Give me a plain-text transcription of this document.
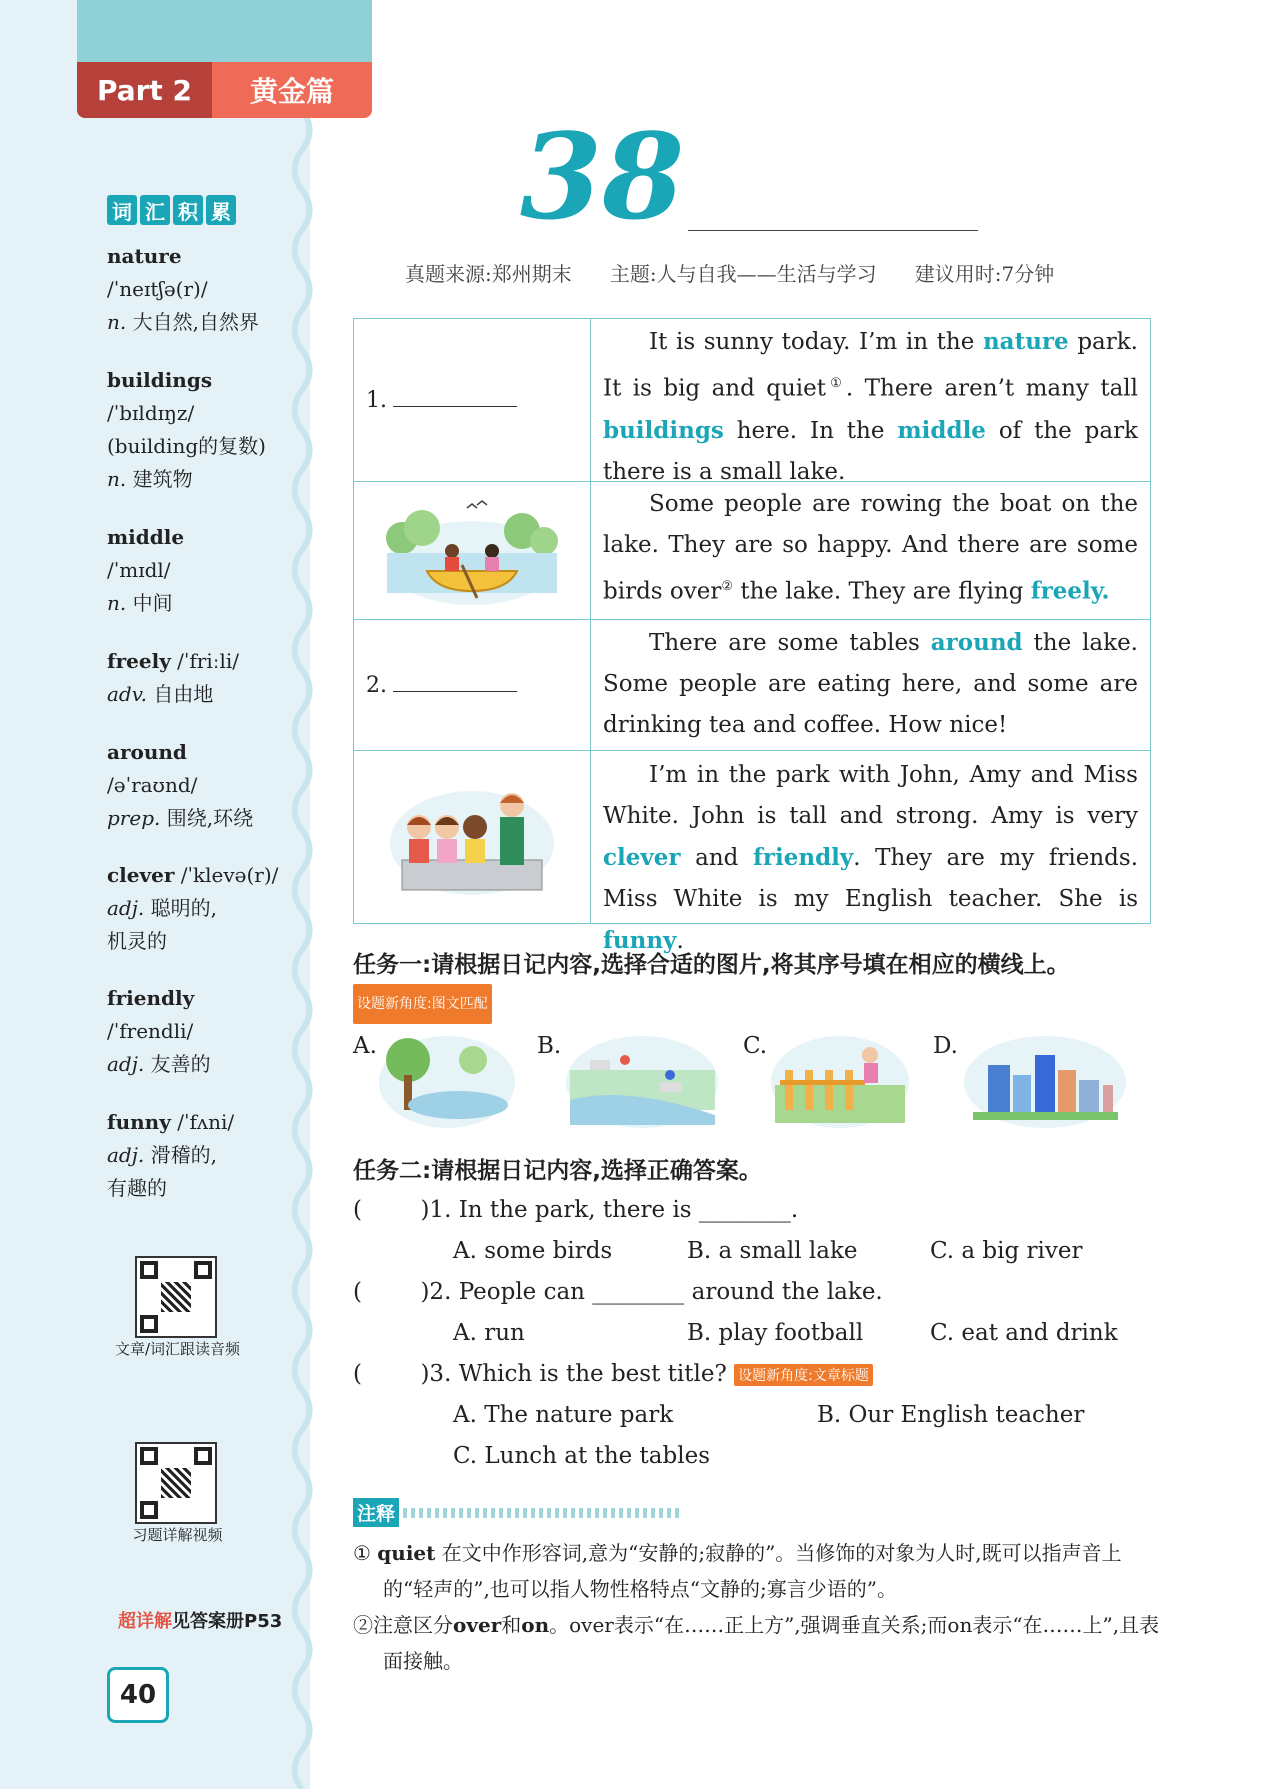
Part 2	黄金篇
词 汇 积 累
nature
/ˈneɪtʃə(r)/
n. 大自然,自然界
buildings
/ˈbɪldɪŋz/
(building的复数)
n. 建筑物
middle
/ˈmɪdl/
n. 中间
freely /ˈfriːli/
adv. 自由地
around
/əˈraʊnd/
prep. 围绕,环绕
clever /ˈklevə(r)/
adj. 聪明的,
机灵的
friendly
/ˈfrendli/
adj. 友善的
funny /ˈfʌni/
adj. 滑稽的,
有趣的
文章/词汇跟读音频
习题详解视频
超详解见答案册P53
40
38
真题来源:郑州期末      主题:人与自我——生活与学习      建议用时:7分钟
1.
It is sunny today. I’m in the nature park. It is big and quiet①. There aren’t many tall buildings here. In the middle of the park there is a small lake.
Some people are rowing the boat on the lake. They are so happy. And there are some birds over② the lake. They are flying freely.
2.
There are some tables around the lake. Some people are eating here, and some are drinking tea and coffee. How nice!
I’m in the park with John, Amy and Miss White. John is tall and strong. Amy is very clever and friendly. They are my friends. Miss White is my English teacher. She is funny.
任务一:请根据日记内容,选择合适的图片,将其序号填在相应的横线上。设题新角度:图文匹配
A.	B.	C.	D.
任务二:请根据日记内容,选择正确答案。
(        )1. In the park, there is ________.
A. some birds	B. a small lake	C. a big river
(        )2. People can ________ around the lake.
A. run	B. play football	C. eat and drink
(        )3. Which is the best title? 设题新角度:文章标题
A. The nature park	B. Our English teacher
C. Lunch at the tables
注释
① quiet 在文中作形容词,意为“安静的;寂静的”。当修饰的对象为人时,既可以指声音上的“轻声的”,也可以指人物性格特点“文静的;寡言少语的”。
②注意区分over和on。over表示“在……正上方”,强调垂直关系;而on表示“在……上”,且表面接触。
